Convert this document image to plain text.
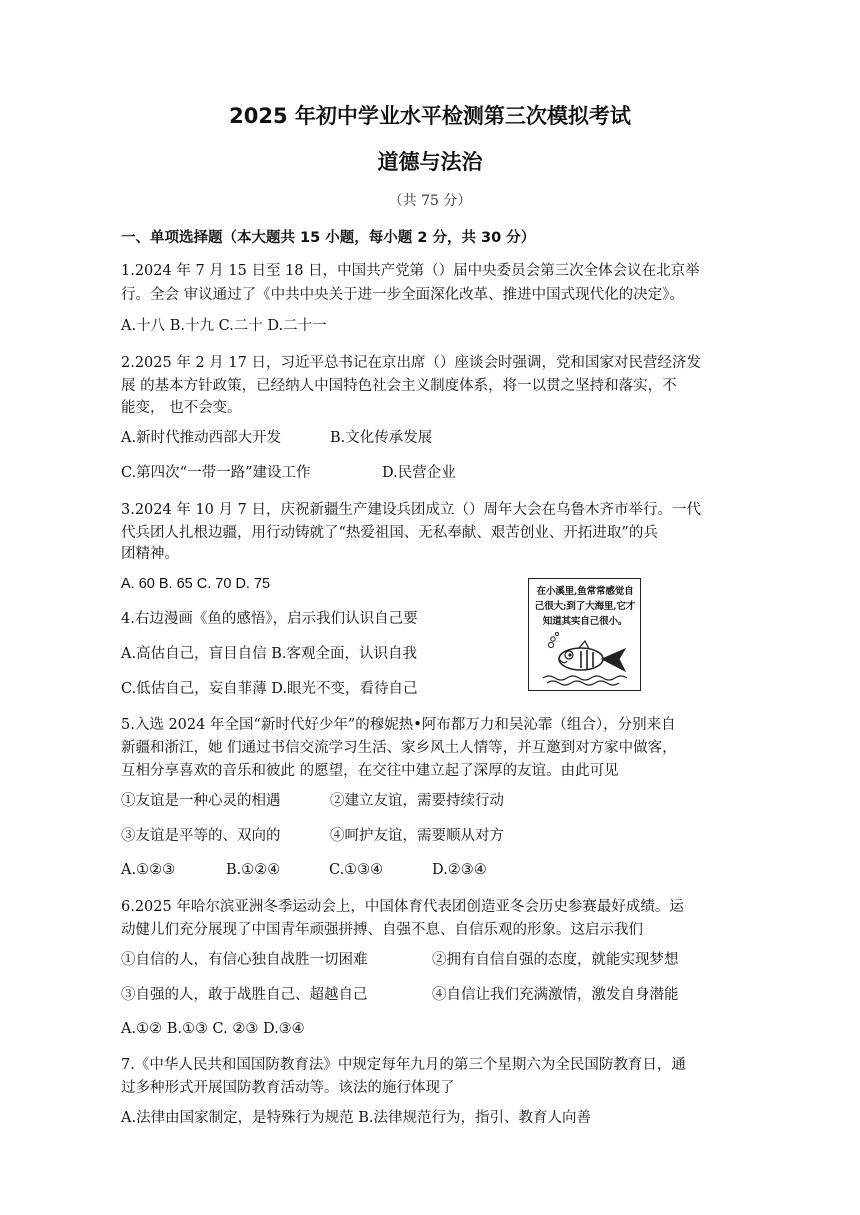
2025 年初中学业水平检测第三次模拟考试
道德与法治
（共 75 分）
一、单项选择题（本大题共 15 小题，每小题 2 分，共 30 分）
1.2024 年 7 月 15 日至 18 日，中国共产党第（）届中央委员会第三次全体会议在北京举
行。全会 审议通过了《中共中央关于进一步全面深化改革、推进中国式现代化的决定》。
A.十八 B.十九 C.二十 D.二十一
2.2025 年 2 月 17 日，习近平总书记在京出席（）座谈会时强调，党和国家对民营经济发
展 的基本方针政策，已经纳人中国特色社会主义制度体系，将一以贯之坚持和落实，不
能变， 也不会变。
A.新时代推动西部大开发	B.文化传承发展
C.第四次“一带一路”建设工作	D.民营企业
3.2024 年 10 月 7 日，庆祝新疆生产建设兵团成立（）周年大会在乌鲁木齐市举行。一代
代兵团人扎根边疆，用行动铸就了“热爱祖国、无私奉献、艰苦创业、开拓进取”的兵
团精神。
A. 60 B. 65 C. 70 D. 75
4.右边漫画《鱼的感悟》，启示我们认识自己要
A.高估自己，盲目自信 B.客观全面，认识自我
C.低估自己，妄自菲薄 D.眼光不变，看待自己
在小溪里,鱼常常感觉自己很大;到了大海里,它才知道其实自己很小。
5.入选 2024 年全国“新时代好少年”的穆妮热•阿布都万力和吴沁霏（组合），分别来自
新疆和浙江，她 们通过书信交流学习生活、家乡风土人情等，并互邀到对方家中做客，
互相分享喜欢的音乐和彼此 的愿望，在交往中建立起了深厚的友谊。由此可见
①友谊是一种心灵的相遇	②建立友谊，需要持续行动
③友谊是平等的、双向的	④呵护友谊，需要顺从对方
A.①②③	B.①②④	C.①③④	D.②③④
6.2025 年哈尔滨亚洲冬季运动会上，中国体育代表团创造亚冬会历史参赛最好成绩。运
动健儿们充分展现了中国青年顽强拼搏、自强不息、自信乐观的形象。这启示我们
①自信的人，有信心独自战胜一切困难	②拥有自信自强的态度，就能实现梦想
③自强的人，敢于战胜自己、超越自己	④自信让我们充满激情，激发自身潜能
A.①② B.①③ C. ②③ D.③④
7.《中华人民共和国国防教育法》中规定每年九月的第三个星期六为全民国防教育日，通
过多种形式开展国防教育活动等。该法的施行体现了
A.法律由国家制定，是特殊行为规范 B.法律规范行为，指引、教育人向善
